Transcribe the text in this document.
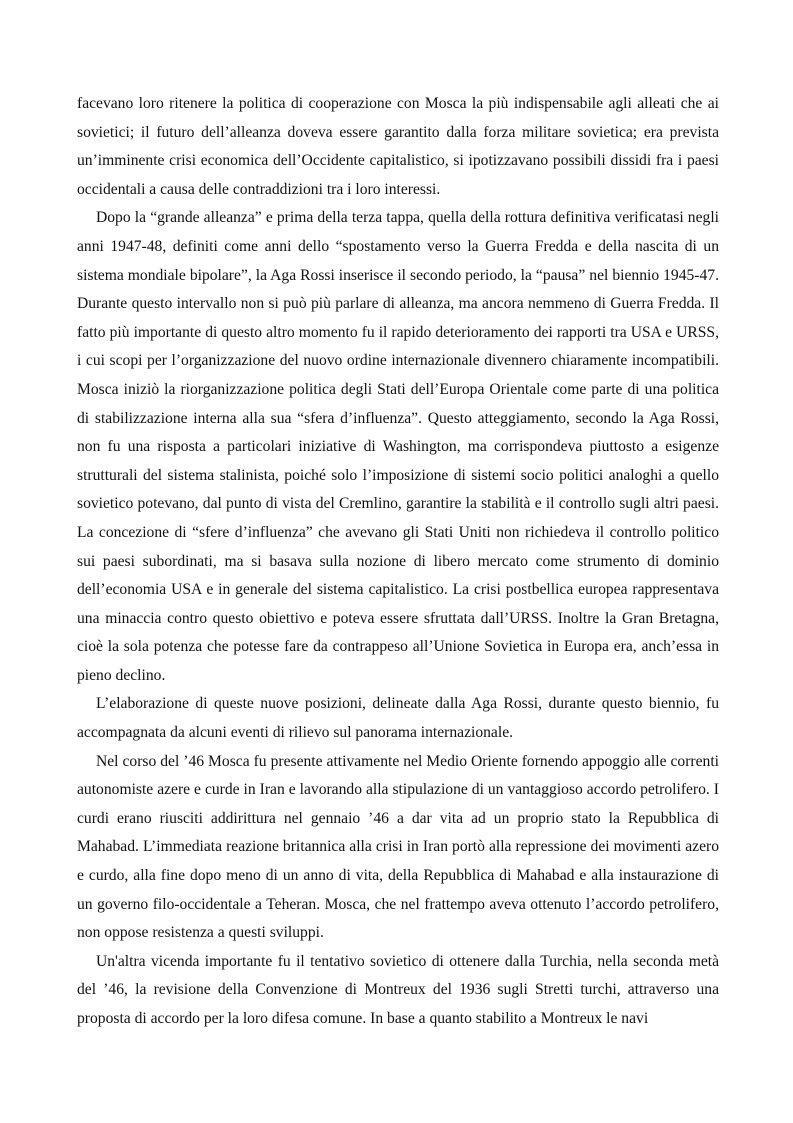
facevano loro ritenere la politica di cooperazione con Mosca la più indispensabile agli alleati che ai sovietici; il futuro dell’alleanza doveva essere garantito dalla forza militare sovietica; era prevista un’imminente crisi economica dell’Occidente capitalistico, si ipotizzavano possibili dissidi fra i paesi occidentali a causa delle contraddizioni tra i loro interessi.

Dopo la “grande alleanza” e prima della terza tappa, quella della rottura definitiva verificatasi negli anni 1947-48, definiti come anni dello “spostamento verso la Guerra Fredda e della nascita di un sistema mondiale bipolare”, la Aga Rossi inserisce il secondo periodo, la “pausa” nel biennio 1945-47. Durante questo intervallo non si può più parlare di alleanza, ma ancora nemmeno di Guerra Fredda. Il fatto più importante di questo altro momento fu il rapido deterioramento dei rapporti tra USA e URSS, i cui scopi per l’organizzazione del nuovo ordine internazionale divennero chiaramente incompatibili. Mosca iniziò la riorganizzazione politica degli Stati dell’Europa Orientale come parte di una politica di stabilizzazione interna alla sua “sfera d’influenza”. Questo atteggiamento, secondo la Aga Rossi, non fu una risposta a particolari iniziative di Washington, ma corrispondeva piuttosto a esigenze strutturali del sistema stalinista, poiché solo l’imposizione di sistemi socio politici analoghi a quello sovietico potevano, dal punto di vista del Cremlino, garantire la stabilità e il controllo sugli altri paesi. La concezione di “sfere d’influenza” che avevano gli Stati Uniti non richiedeva il controllo politico sui paesi subordinati, ma si basava sulla nozione di libero mercato come strumento di dominio dell’economia USA e in generale del sistema capitalistico. La crisi postbellica europea rappresentava una minaccia contro questo obiettivo e poteva essere sfruttata dall’URSS. Inoltre la Gran Bretagna, cioè la sola potenza che potesse fare da contrappeso all’Unione Sovietica in Europa era, anch’essa in pieno declino.

L’elaborazione di queste nuove posizioni, delineate dalla Aga Rossi, durante questo biennio, fu accompagnata da alcuni eventi di rilievo sul panorama internazionale.

Nel corso del ’46 Mosca fu presente attivamente nel Medio Oriente fornendo appoggio alle correnti autonomiste azere e curde in Iran e lavorando alla stipulazione di un vantaggioso accordo petrolifero. I curdi erano riusciti addirittura nel gennaio ’46 a dar vita ad un proprio stato la Repubblica di Mahabad. L’immediata reazione britannica alla crisi in Iran portò alla repressione dei movimenti azero e curdo, alla fine dopo meno di un anno di vita, della Repubblica di Mahabad e alla instaurazione di un governo filo-occidentale a Teheran. Mosca, che nel frattempo aveva ottenuto l’accordo petrolifero, non oppose resistenza a questi sviluppi.

Un'altra vicenda importante fu il tentativo sovietico di ottenere dalla Turchia, nella seconda metà del ’46, la revisione della Convenzione di Montreux del 1936 sugli Stretti turchi, attraverso una proposta di accordo per la loro difesa comune. In base a quanto stabilito a Montreux le navi
